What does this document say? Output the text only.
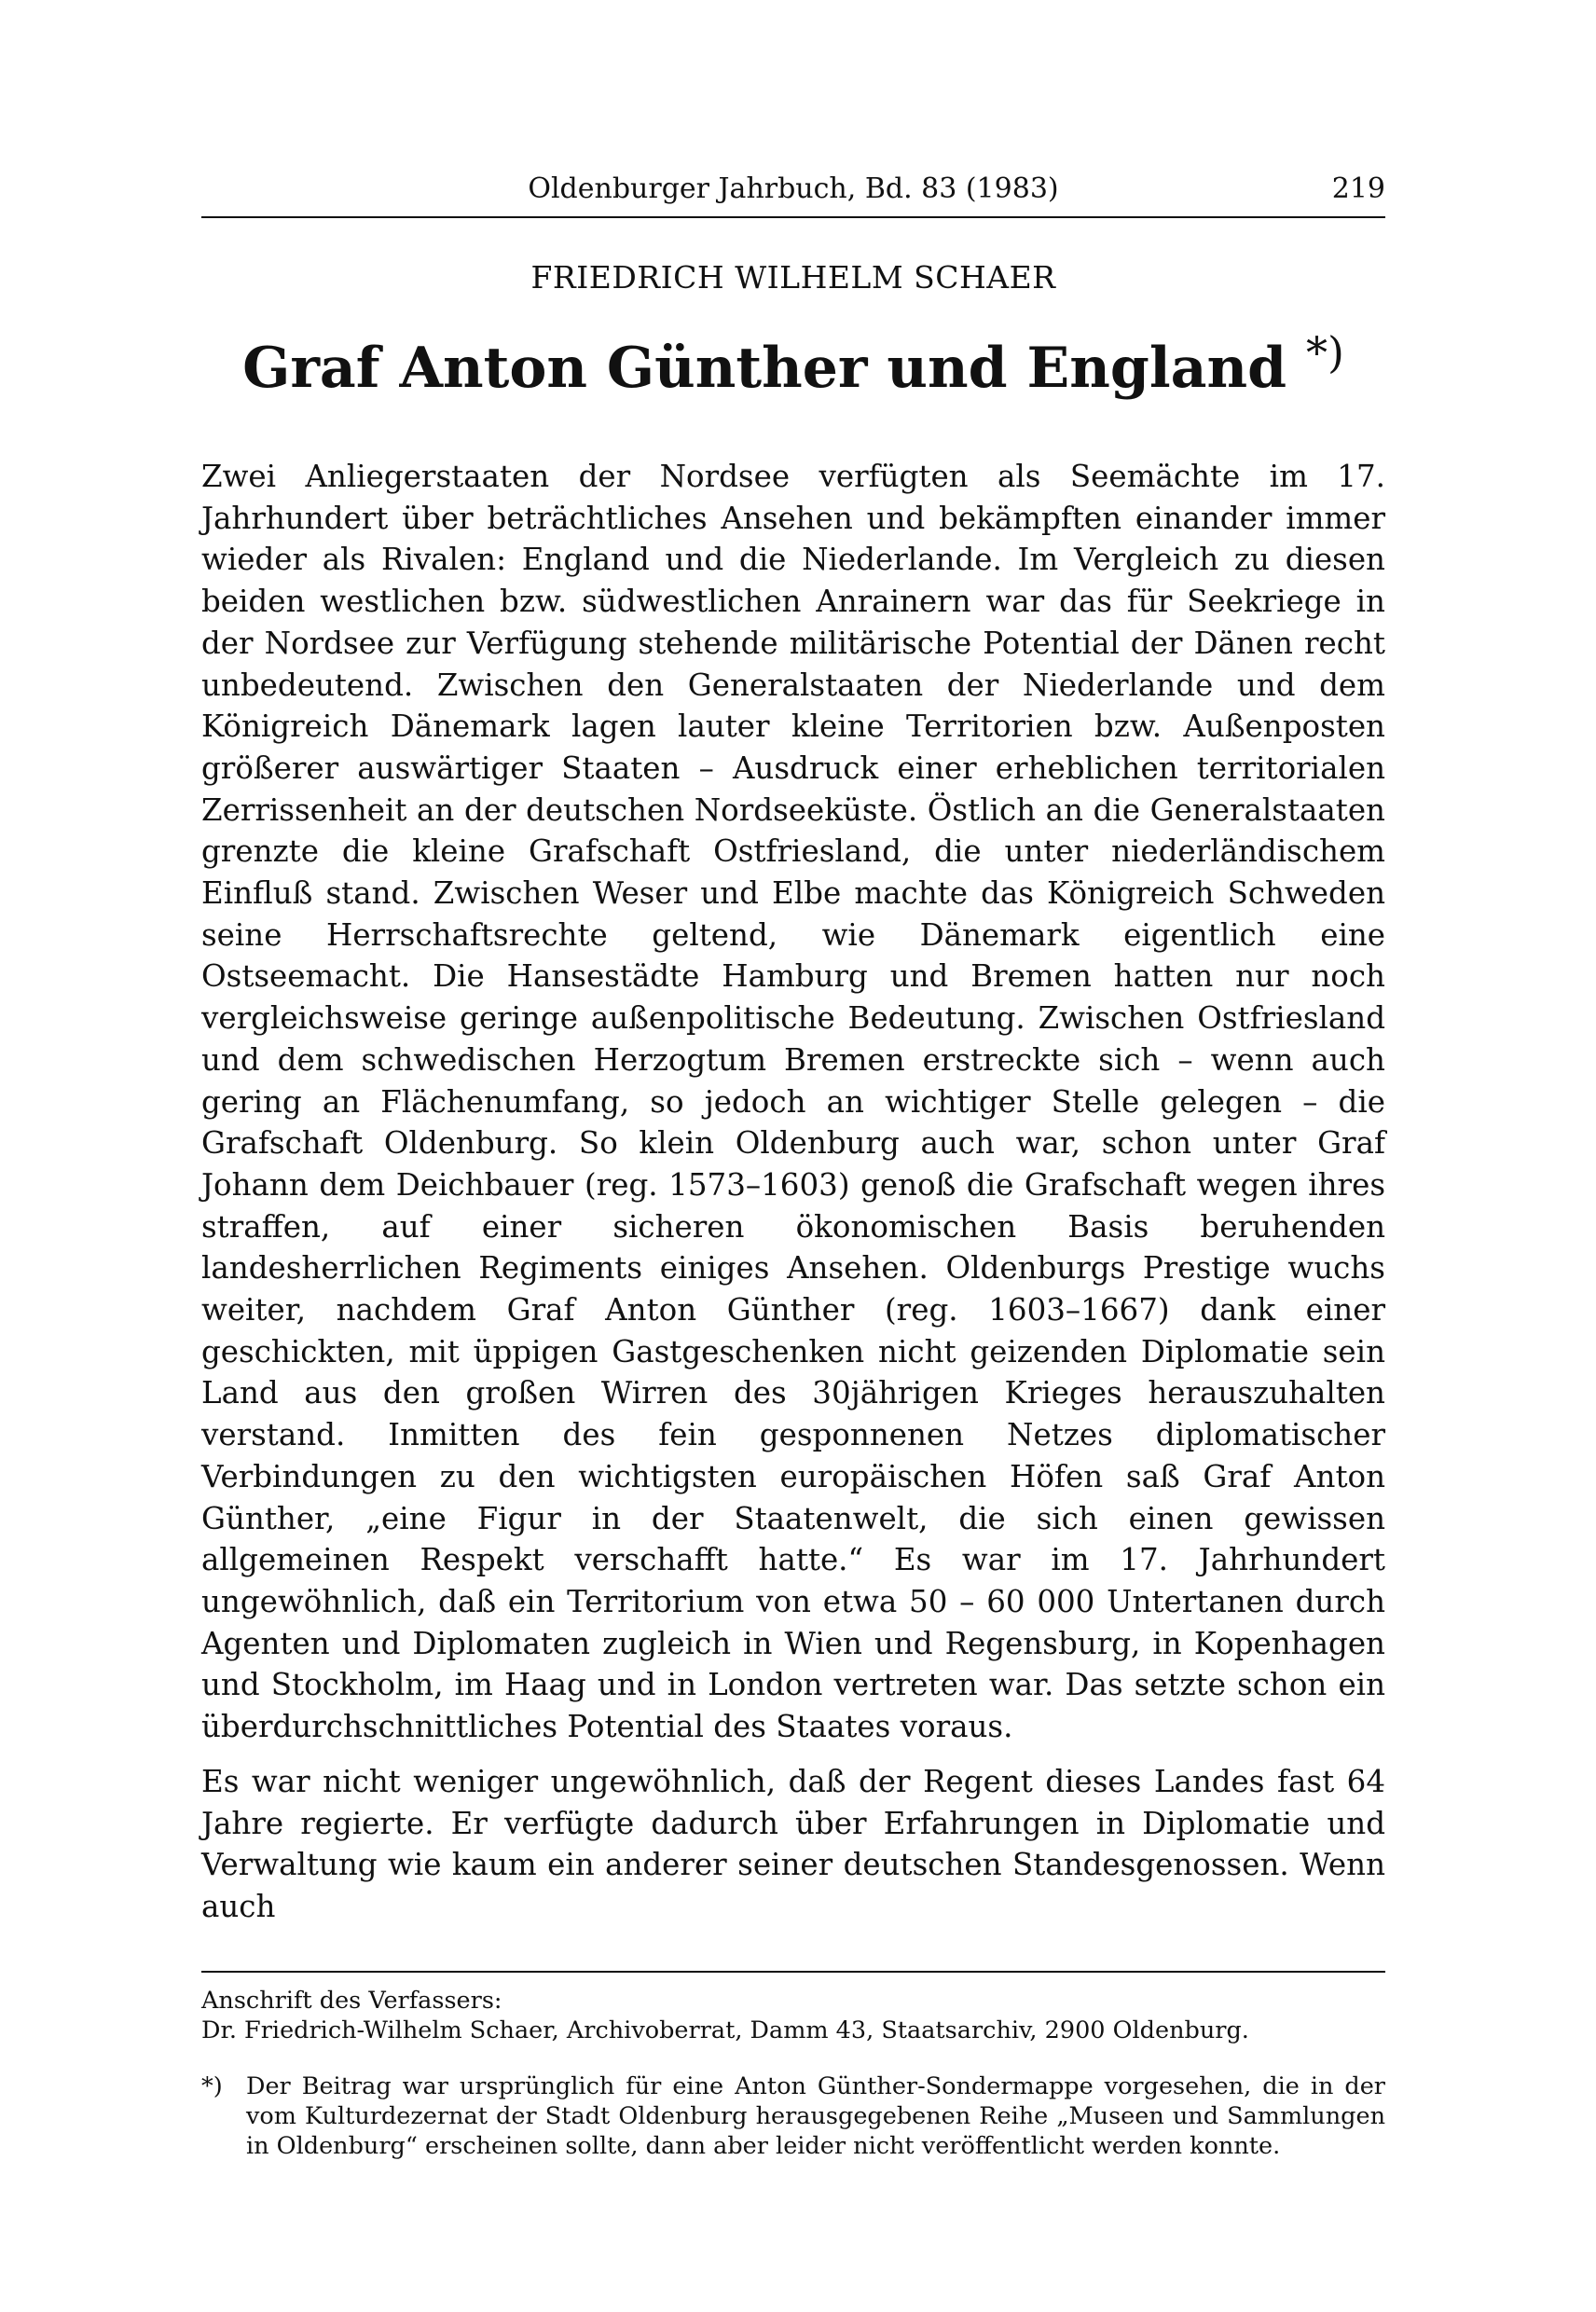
Oldenburger Jahrbuch, Bd. 83 (1983)	219
FRIEDRICH WILHELM SCHAER
Graf Anton Günther und England *)

Zwei Anliegerstaaten der Nordsee verfügten als Seemächte im 17. Jahrhundert über beträchtliches Ansehen und bekämpften einander immer wieder als Rivalen: England und die Niederlande. Im Vergleich zu diesen beiden westlichen bzw. südwestlichen Anrainern war das für Seekriege in der Nordsee zur Verfügung stehende militärische Potential der Dänen recht unbedeutend. Zwischen den Generalstaaten der Niederlande und dem Königreich Dänemark lagen lauter kleine Territorien bzw. Außenposten größerer auswärtiger Staaten – Ausdruck einer erheblichen territorialen Zerrissenheit an der deutschen Nordseeküste. Östlich an die Generalstaaten grenzte die kleine Grafschaft Ostfriesland, die unter niederländischem Einfluß stand. Zwischen Weser und Elbe machte das Königreich Schweden seine Herrschaftsrechte geltend, wie Dänemark eigentlich eine Ostseemacht. Die Hansestädte Hamburg und Bremen hatten nur noch vergleichsweise geringe außenpolitische Bedeutung. Zwischen Ostfriesland und dem schwedischen Herzogtum Bremen erstreckte sich – wenn auch gering an Flächenumfang, so jedoch an wichtiger Stelle gelegen – die Grafschaft Oldenburg. So klein Oldenburg auch war, schon unter Graf Johann dem Deichbauer (reg. 1573–1603) genoß die Grafschaft wegen ihres straffen, auf einer sicheren ökonomischen Basis beruhenden landesherrlichen Regiments einiges Ansehen. Oldenburgs Prestige wuchs weiter, nachdem Graf Anton Günther (reg. 1603–1667) dank einer geschickten, mit üppigen Gastgeschenken nicht geizenden Diplomatie sein Land aus den großen Wirren des 30jährigen Krieges herauszuhalten verstand. Inmitten des fein gesponnenen Netzes diplomatischer Verbindungen zu den wichtigsten europäischen Höfen saß Graf Anton Günther, „eine Figur in der Staatenwelt, die sich einen gewissen allgemeinen Respekt verschafft hatte.“ Es war im 17. Jahrhundert ungewöhnlich, daß ein Territorium von etwa 50 – 60 000 Untertanen durch Agenten und Diplomaten zugleich in Wien und Regensburg, in Kopenhagen und Stockholm, im Haag und in London vertreten war. Das setzte schon ein überdurchschnittliches Potential des Staates voraus.

Es war nicht weniger ungewöhnlich, daß der Regent dieses Landes fast 64 Jahre regierte. Er verfügte dadurch über Erfahrungen in Diplomatie und Verwaltung wie kaum ein anderer seiner deutschen Standesgenossen. Wenn auch

Anschrift des Verfassers:
Dr. Friedrich-Wilhelm Schaer, Archivoberrat, Damm 43, Staatsarchiv, 2900 Oldenburg.
*) Der Beitrag war ursprünglich für eine Anton Günther-Sondermappe vorgesehen, die in der vom Kulturdezernat der Stadt Oldenburg herausgegebenen Reihe „Museen und Sammlungen in Oldenburg“ erscheinen sollte, dann aber leider nicht veröffentlicht werden konnte.
